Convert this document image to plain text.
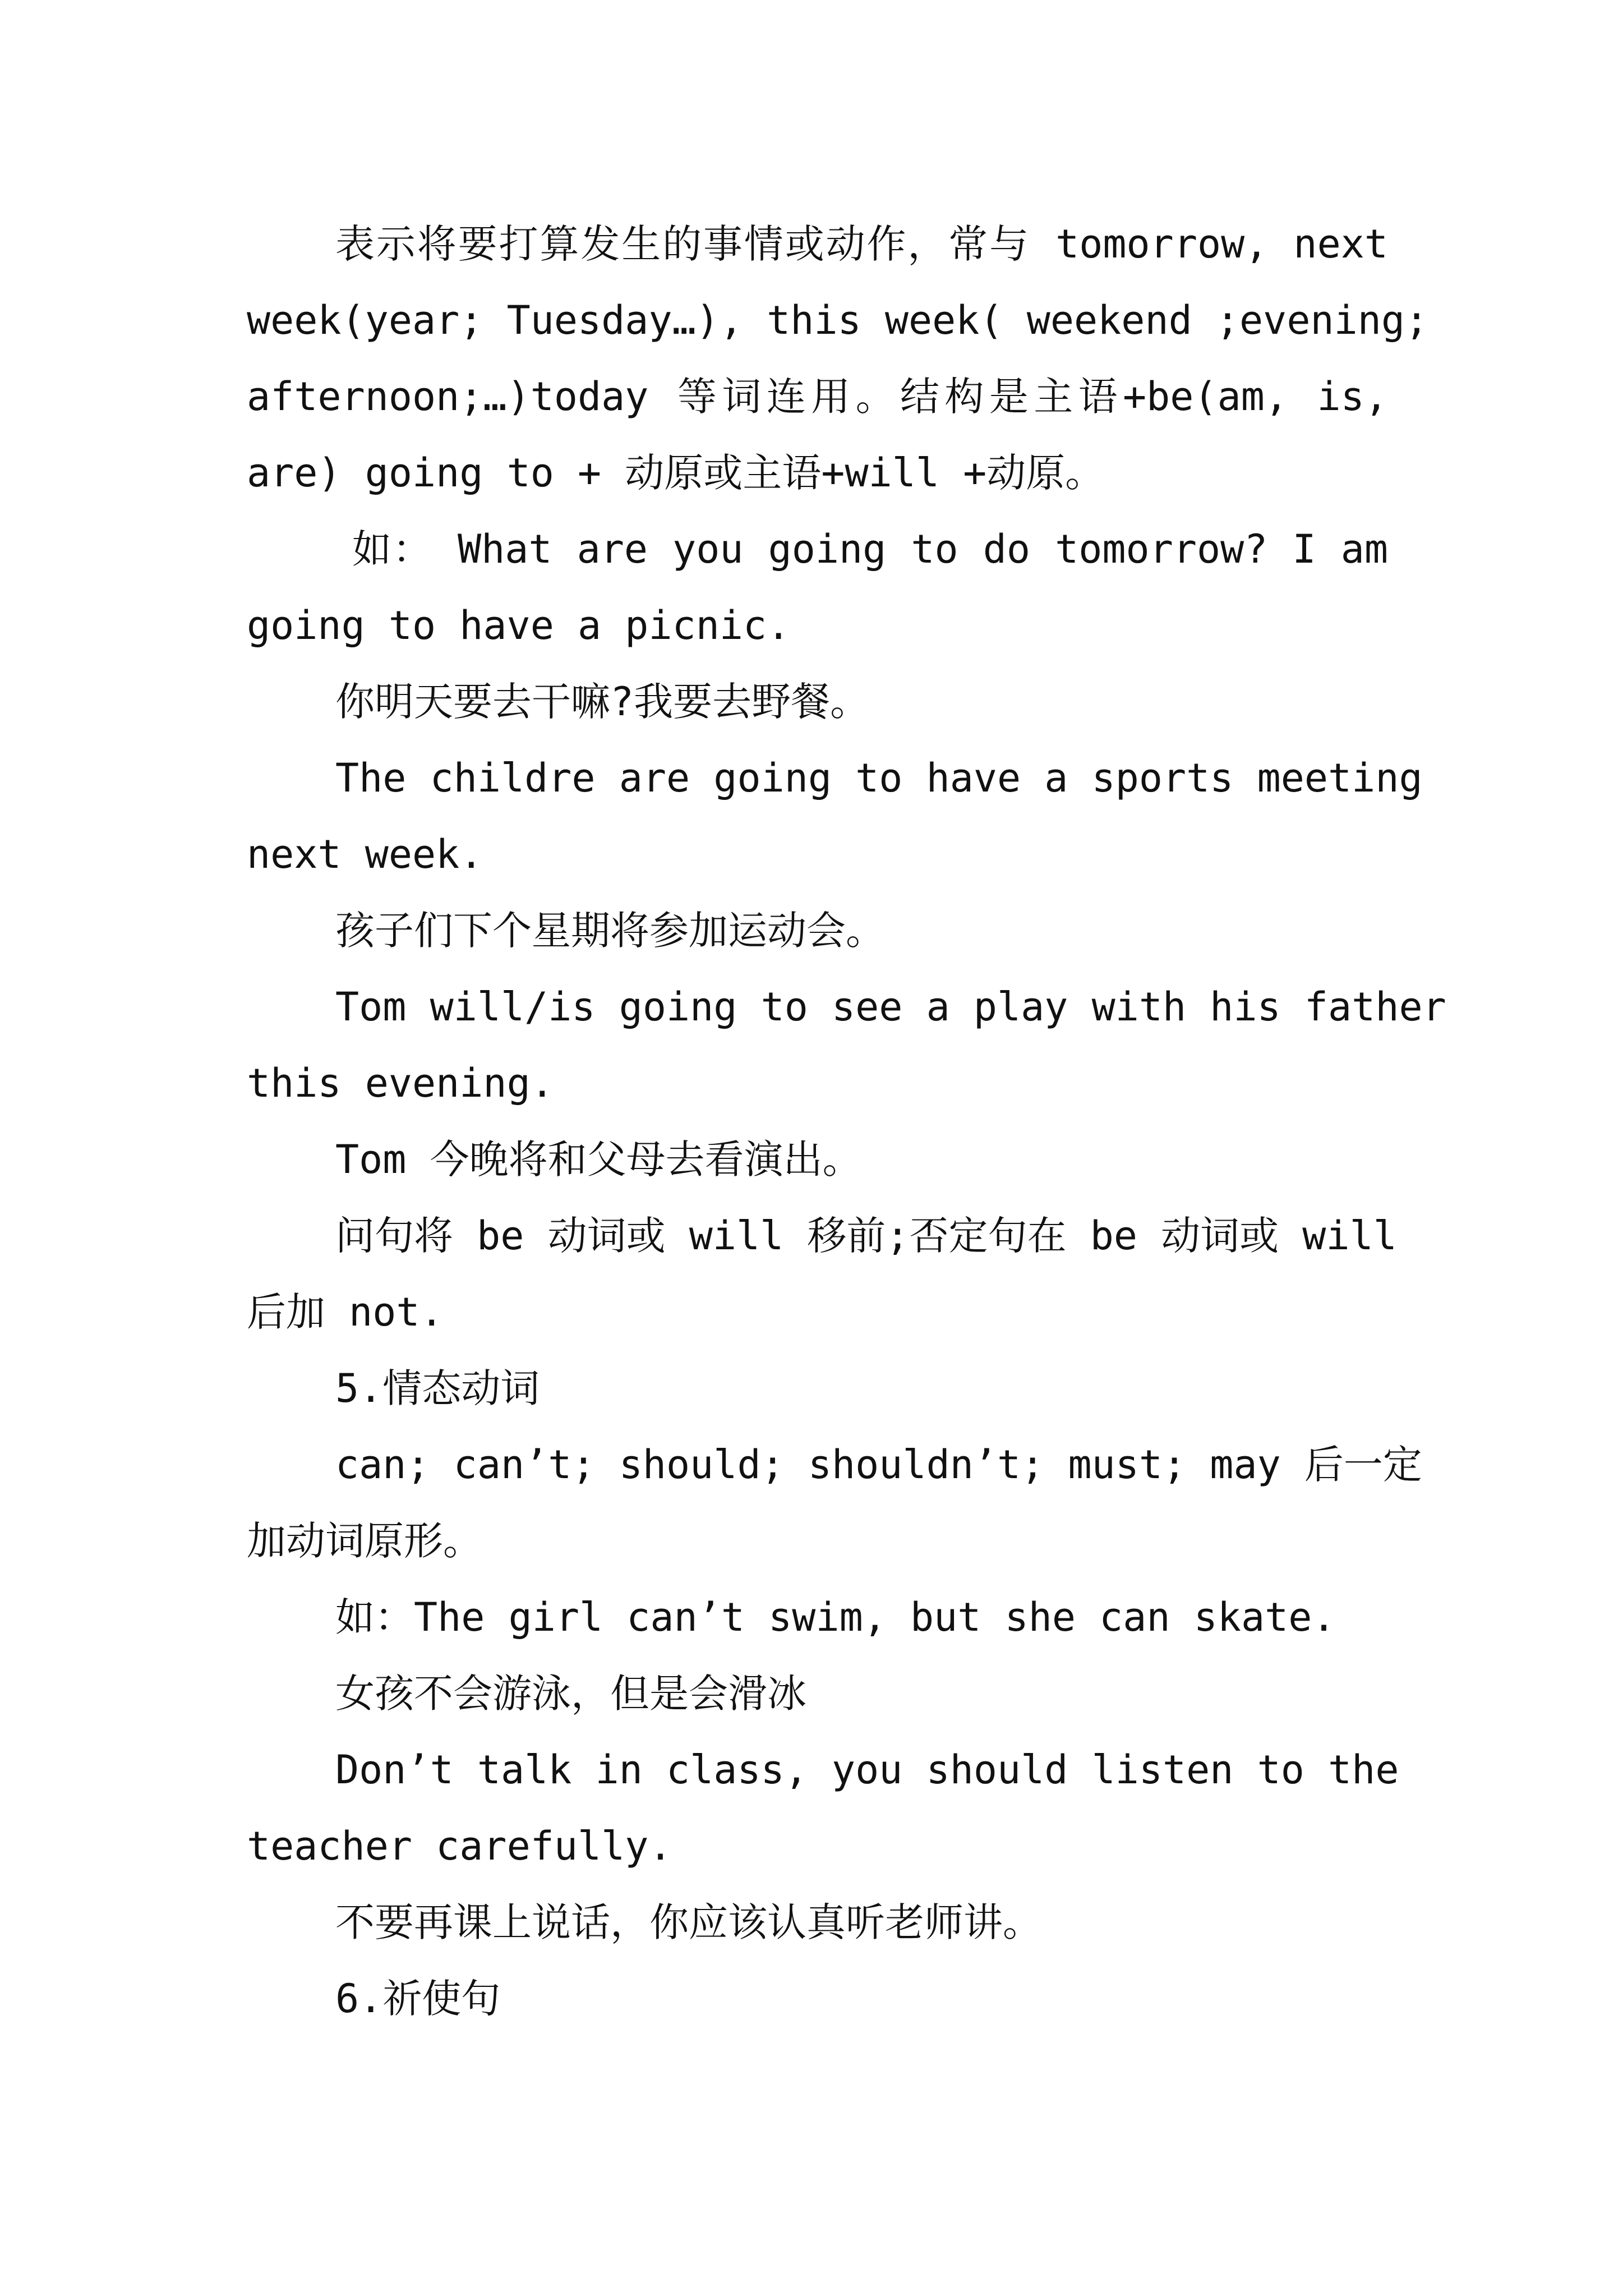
表示将要打算发生的事情或动作，常与 tomorrow, next
week(year; Tuesday…), this week( weekend ;evening;
afternoon;…)today 等词连用。结构是主语+be(am, is,
are) going to + 动原或主语+will +动原。
如： What are you going to do tomorrow? I am
going to have a picnic.
你明天要去干嘛?我要去野餐。
The childre are going to have a sports meeting
next week.
孩子们下个星期将参加运动会。
Tom will/is going to see a play with his father
this evening.
Tom 今晚将和父母去看演出。
问句将 be 动词或 will 移前;否定句在 be 动词或 will
后加 not.
5.情态动词
can; can’t; should; shouldn’t; must; may 后一定
加动词原形。
如：The girl can’t swim, but she can skate.
女孩不会游泳，但是会滑冰
Don’t talk in class, you should listen to the
teacher carefully.
不要再课上说话，你应该认真听老师讲。
6.祈使句
